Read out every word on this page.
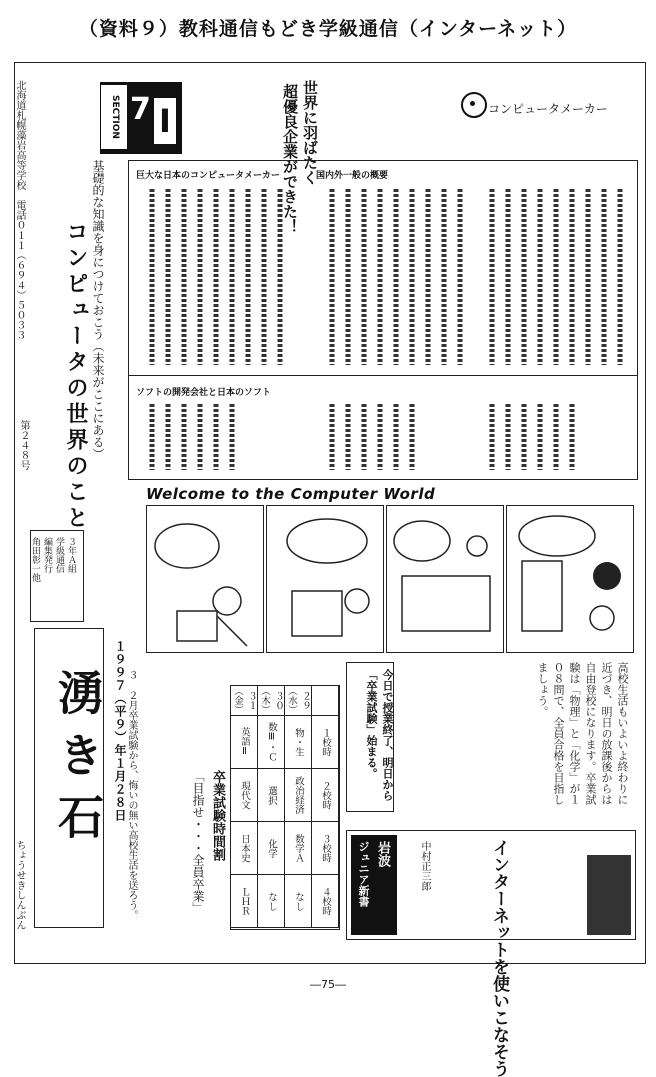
（資料９）教科通信もどき学級通信（インターネット）
北海道札幌藻岩高等学校　電話０１１（６９４）５０３３
ちょうせきしんぶん
第２４８号
３年Ａ組
学級通信
編集発行
角田彰一他
湧き石 １９９７（平９）年１月２８日
コンピュータの世界のこと 基礎的な知識を身につけておこう（未来がここにある）
SECTION 7 I	世界に羽ばたく
超優良企業ができた！	コンピュータメーカー
巨大な日本のコンピュータメーカー	国内外一般の概要
ソフトの開発会社と日本のソフト
Welcome to the Computer World
卒業試験時間割
「目指せ・・・全員卒業」
３　２月卒業試験から、悔いの無い高校生活を送ろう。	３１（金）	３０（木）	２９（水）
英語Ⅱ	数Ⅲ・Ｃ	物・生	１校時
現代文	選択	政治経済	２校時
日本史	化学	数学Ａ	３校時
ＬＨＲ	なし	なし	４校時
今日で授業終了、明日から「卒業試験」始まる。	高校生活もいよいよ終わりに近づき、明日の放課後からは自由登校になります。卒業試験は「物理」と「化学」が１０８問で、全員合格を目指しましょう。
岩波
ジュニア新書	中村正三郎	インターネットを使いこなそう
―75―
